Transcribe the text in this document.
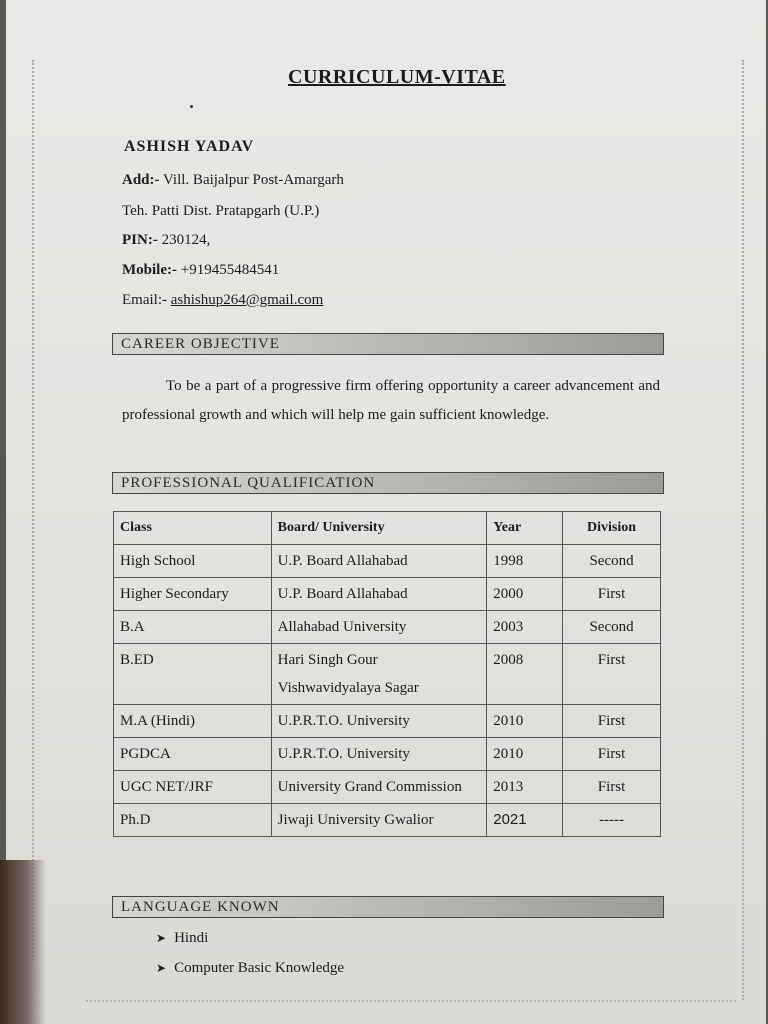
CURRICULUM-VITAE
ASHISH YADAV
Add:- Vill. Baijalpur Post-Amargarh
Teh. Patti Dist. Pratapgarh (U.P.)
PIN:- 230124,
Mobile:- +919455484541
Email:- ashishup264@gmail.com
CAREER OBJECTIVE
To be a part of a progressive firm offering opportunity a career advancement and professional growth and which will help me gain sufficient knowledge.
PROFESSIONAL QUALIFICATION
Class	Board/ University	Year	Division
High School	U.P. Board Allahabad	1998	Second
Higher Secondary	U.P. Board Allahabad	2000	First
B.A	Allahabad University	2003	Second
B.ED	Hari Singh Gour Vishwavidyalaya Sagar	2008	First
M.A (Hindi)	U.P.R.T.O. University	2010	First
PGDCA	U.P.R.T.O. University	2010	First
UGC NET/JRF	University Grand Commission	2013	First
Ph.D	Jiwaji University Gwalior	2021	-----
LANGUAGE KNOWN
➤ Hindi
➤ Computer Basic Knowledge
